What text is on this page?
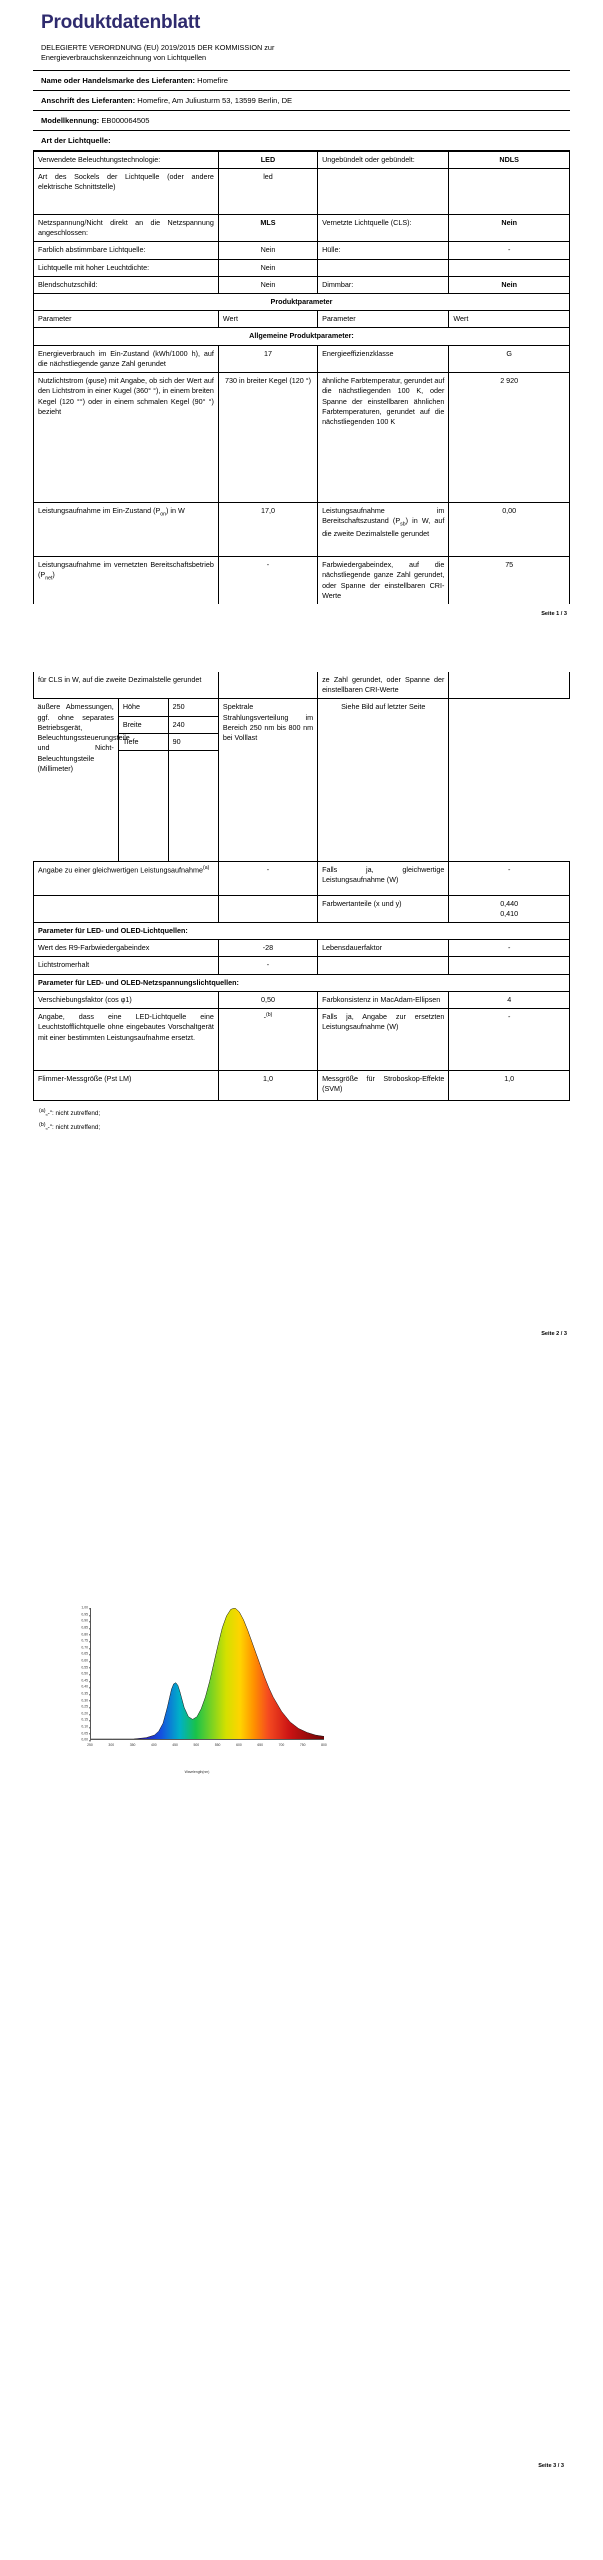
Produktdatenblatt
DELEGIERTE VERORDNUNG (EU) 2019/2015 DER KOMMISSION zur
Energieverbrauchskennzeichnung von Lichtquellen
Name oder Handelsmarke des Lieferanten: Homefire
Anschrift des Lieferanten: Homefire, Am Juliusturm 53, 13599 Berlin, DE
Modellkennung: EB000064505
Art der Lichtquelle:
Verwendete Beleuchtungstechnologie:	LED	Ungebündelt oder gebündelt:	NDLS
Art des Sockels der Lichtquelle (oder andere elektrische Schnittstelle)	led		
Netzspannung/Nicht direkt an die Netzspannung angeschlossen:	MLS	Vernetzte Lichtquelle (CLS):	Nein
Farblich abstimmbare Lichtquelle:	Nein	Hülle:	-
Lichtquelle mit hoher Leuchtdichte:	Nein		
Blendschutzschild:	Nein	Dimmbar:	Nein
Produktparameter			
Parameter	Wert	Parameter	Wert
Allgemeine Produktparameter:			
Energieverbrauch im Ein-Zustand (kWh/1000 h), auf die nächstliegende ganze Zahl gerundet	17	Energieeffizienzklasse	G
Nutzlichtstrom (φuse) mit Angabe, ob sich der Wert auf den Lichtstrom in einer Kugel (360° °), in einem breiten Kegel (120 °°) oder in einem schmalen Kegel (90° °) bezieht	730 in breiter Kegel (120 °)	ähnliche Farbtemperatur, gerundet auf die nächstliegenden 100 K, oder Spanne der einstellbaren ähnlichen Farbtemperaturen, gerundet auf die nächstliegenden 100 K	2 920
Leistungsaufnahme im Ein-Zustand $(P_{on})$ in W	17,0	Leistungsaufnahme im Bereitschaftszustand $(P_{sb})$ in W, auf die zweite Dezimalstelle gerundet	0,00
Leistungsaufnahme im vernetzten Bereitschaftsbetrieb $(P_{net})$	-	Farbwiedergabeindex, auf die nächstliegende ganze Zahl gerundet, oder Spanne der einstellbaren CRI-Werte	75
Seite 1 / 3
für CLS in W, auf die zweite Dezimalstelle gerundet		ze Zahl gerundet, oder Spanne der einstellbaren CRI-Werte	

äußere Abmessungen, ggf. ohne separates Betriebsgerät, Beleuchtungssteuerungsteile und Nicht-Beleuchtungsteile (Millimeter)	Höhe	250
Breite	240
Tiefe	90

	Spektrale Strahlungsverteilung im Bereich 250 nm bis 800 nm bei Volllast	Siehe Bild auf letzter Seite
Angabe zu einer gleichwertigen Leistungsaufnahme$^{(a)}$	-	Falls ja, gleichwertige Leistungsaufnahme (W)	-
		Farbwertanteile (x und y)	0,440
0,410

Parameter für LED- und OLED-Lichtquellen:
Wert des R9-Farbwiedergabeindex	-28	Lebensdauerfaktor	-
Lichtstromerhalt	-		
Parameter für LED- und OLED-Netzspannungslichtquellen:
Verschiebungsfaktor (cos φ1)	0,50	Farbkonsistenz in MacAdam-Ellipsen	4
Angabe, dass eine LED-Lichtquelle eine Leuchtstofflichtquelle ohne eingebautes Vorschaltgerät mit einer bestimmten Leistungsaufnahme ersetzt.	-$^{(b)}$	Falls ja, Angabe zur ersetzten Leistungsaufnahme (W)	-
Flimmer-Messgröße (Pst LM)	1,0	Messgröße für Stroboskop-Effekte (SVM)	1,0
$^{(a)}$„-": nicht zutreffend;
$^{(b)}$„-": nicht zutreffend;
Seite 2 / 3
0,00
0,05
0,10
0,15
0,20
0,25
0,30
0,35
0,40
0,45
0,50
0,55
0,60
0,65
0,70
0,75
0,80
0,85
0,90
0,95
1,00
250	300	350	400	450	500	550	600	650	700	750	800
Wavelength(nm)
Seite 3 / 3
